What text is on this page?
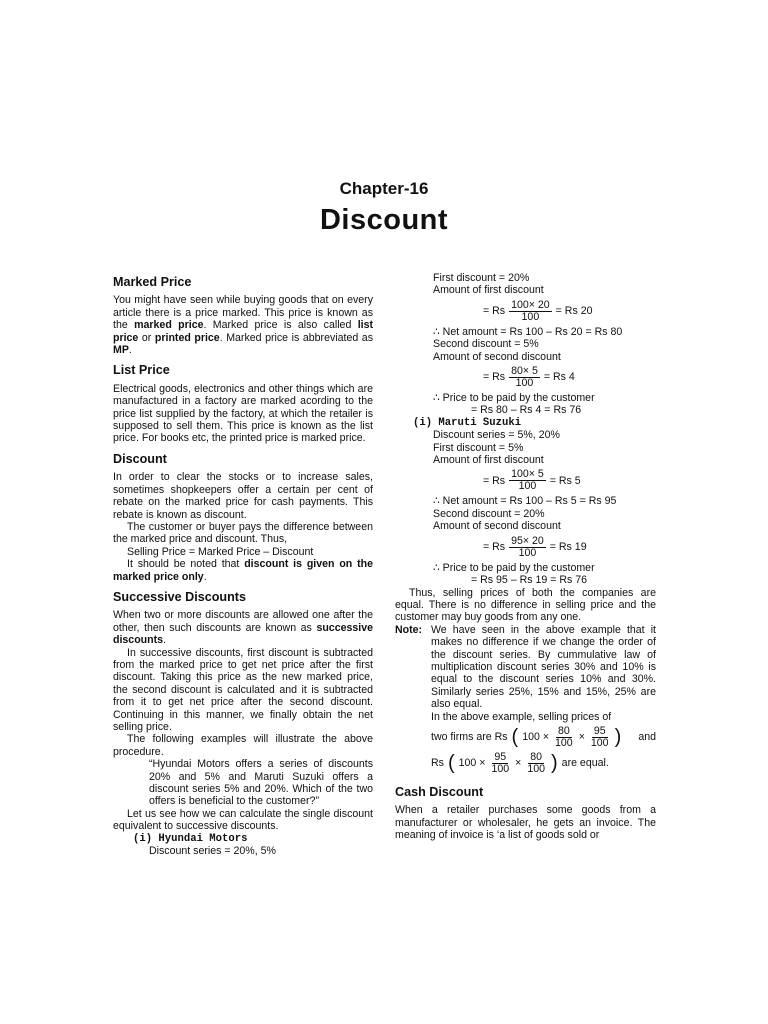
Chapter-16
Discount
Marked Price

You might have seen while buying goods that on every article there is a price marked. This price is known as the marked price. Marked price is also called list price or printed price. Marked price is abbreviated as MP.

List Price

Electrical goods, electronics and other things which are manufactured in a factory are marked acording to the price list supplied by the factory, at which the retailer is supposed to sell them. This price is known as the list price. For books etc, the printed price is marked price.

Discount

In order to clear the stocks or to increase sales, sometimes shopkeepers offer a certain per cent of rebate on the marked price for cash payments. This rebate is known as discount.

The customer or buyer pays the difference between the marked price and discount. Thus,

Selling Price = Marked Price – Discount

It should be noted that discount is given on the marked price only.

Successive Discounts

When two or more discounts are allowed one after the other, then such discounts are known as successive discounts.

In successive discounts, first discount is subtracted from the marked price to get net price after the first discount. Taking this price as the new marked price, the second discount is calculated and it is subtracted from it to get net price after the second discount. Continuing in this manner, we finally obtain the net selling price.

The following examples will illustrate the above procedure.

“Hyundai Motors offers a series of discounts 20% and 5% and Maruti Suzuki offers a discount series 5% and 20%. Which of the two offers is beneficial to the customer?”

Let us see how we can calculate the single discount equivalent to successive discounts.

(i) Hyundai Motors

Discount series = 20%, 5%

First discount = 20%

Amount of first discount

= Rs $\frac{100\times 20}{100} = Rs$ 20

∴ Net amount = Rs 100 – Rs 20 = Rs 80

Second discount = 5%

Amount of second discount

= Rs $\frac{80\times 5}{100} = Rs$ 4

∴ Price to be paid by the customer

= Rs 80 – Rs 4 = Rs 76

(i) Maruti Suzuki

Discount series = 5%, 20%

First discount = 5%

Amount of first discount

= Rs $\frac{100\times 5}{100} = Rs$ 5

∴ Net amount = Rs 100 – Rs 5 = Rs 95

Second discount = 20%

Amount of second discount

= Rs $\frac{95\times 20}{100} = Rs$ 19

∴ Price to be paid by the customer

= Rs 95 – Rs 19 = Rs 76

Thus, selling prices of both the companies are equal. There is no difference in selling price and the customer may buy goods from any one.

Note: We have seen in the above example that it makes no difference if we change the order of the discount series. By cummulative law of multiplication discount series 30% and 10% is equal to the discount series 10% and 30%. Similarly series 25%, 15% and 15%, 25% are also equal.

In the above example, selling prices of

two firms are Rs ( $100 \times \frac{80}{100} \times \frac{95}{100}$ ) and
Rs ( $100 \times \frac{95}{100} \times \frac{80}{100}$ ) are equal.
Cash Discount

When a retailer purchases some goods from a manufacturer or wholesaler, he gets an invoice. The meaning of invoice is ‘a list of goods sold or
